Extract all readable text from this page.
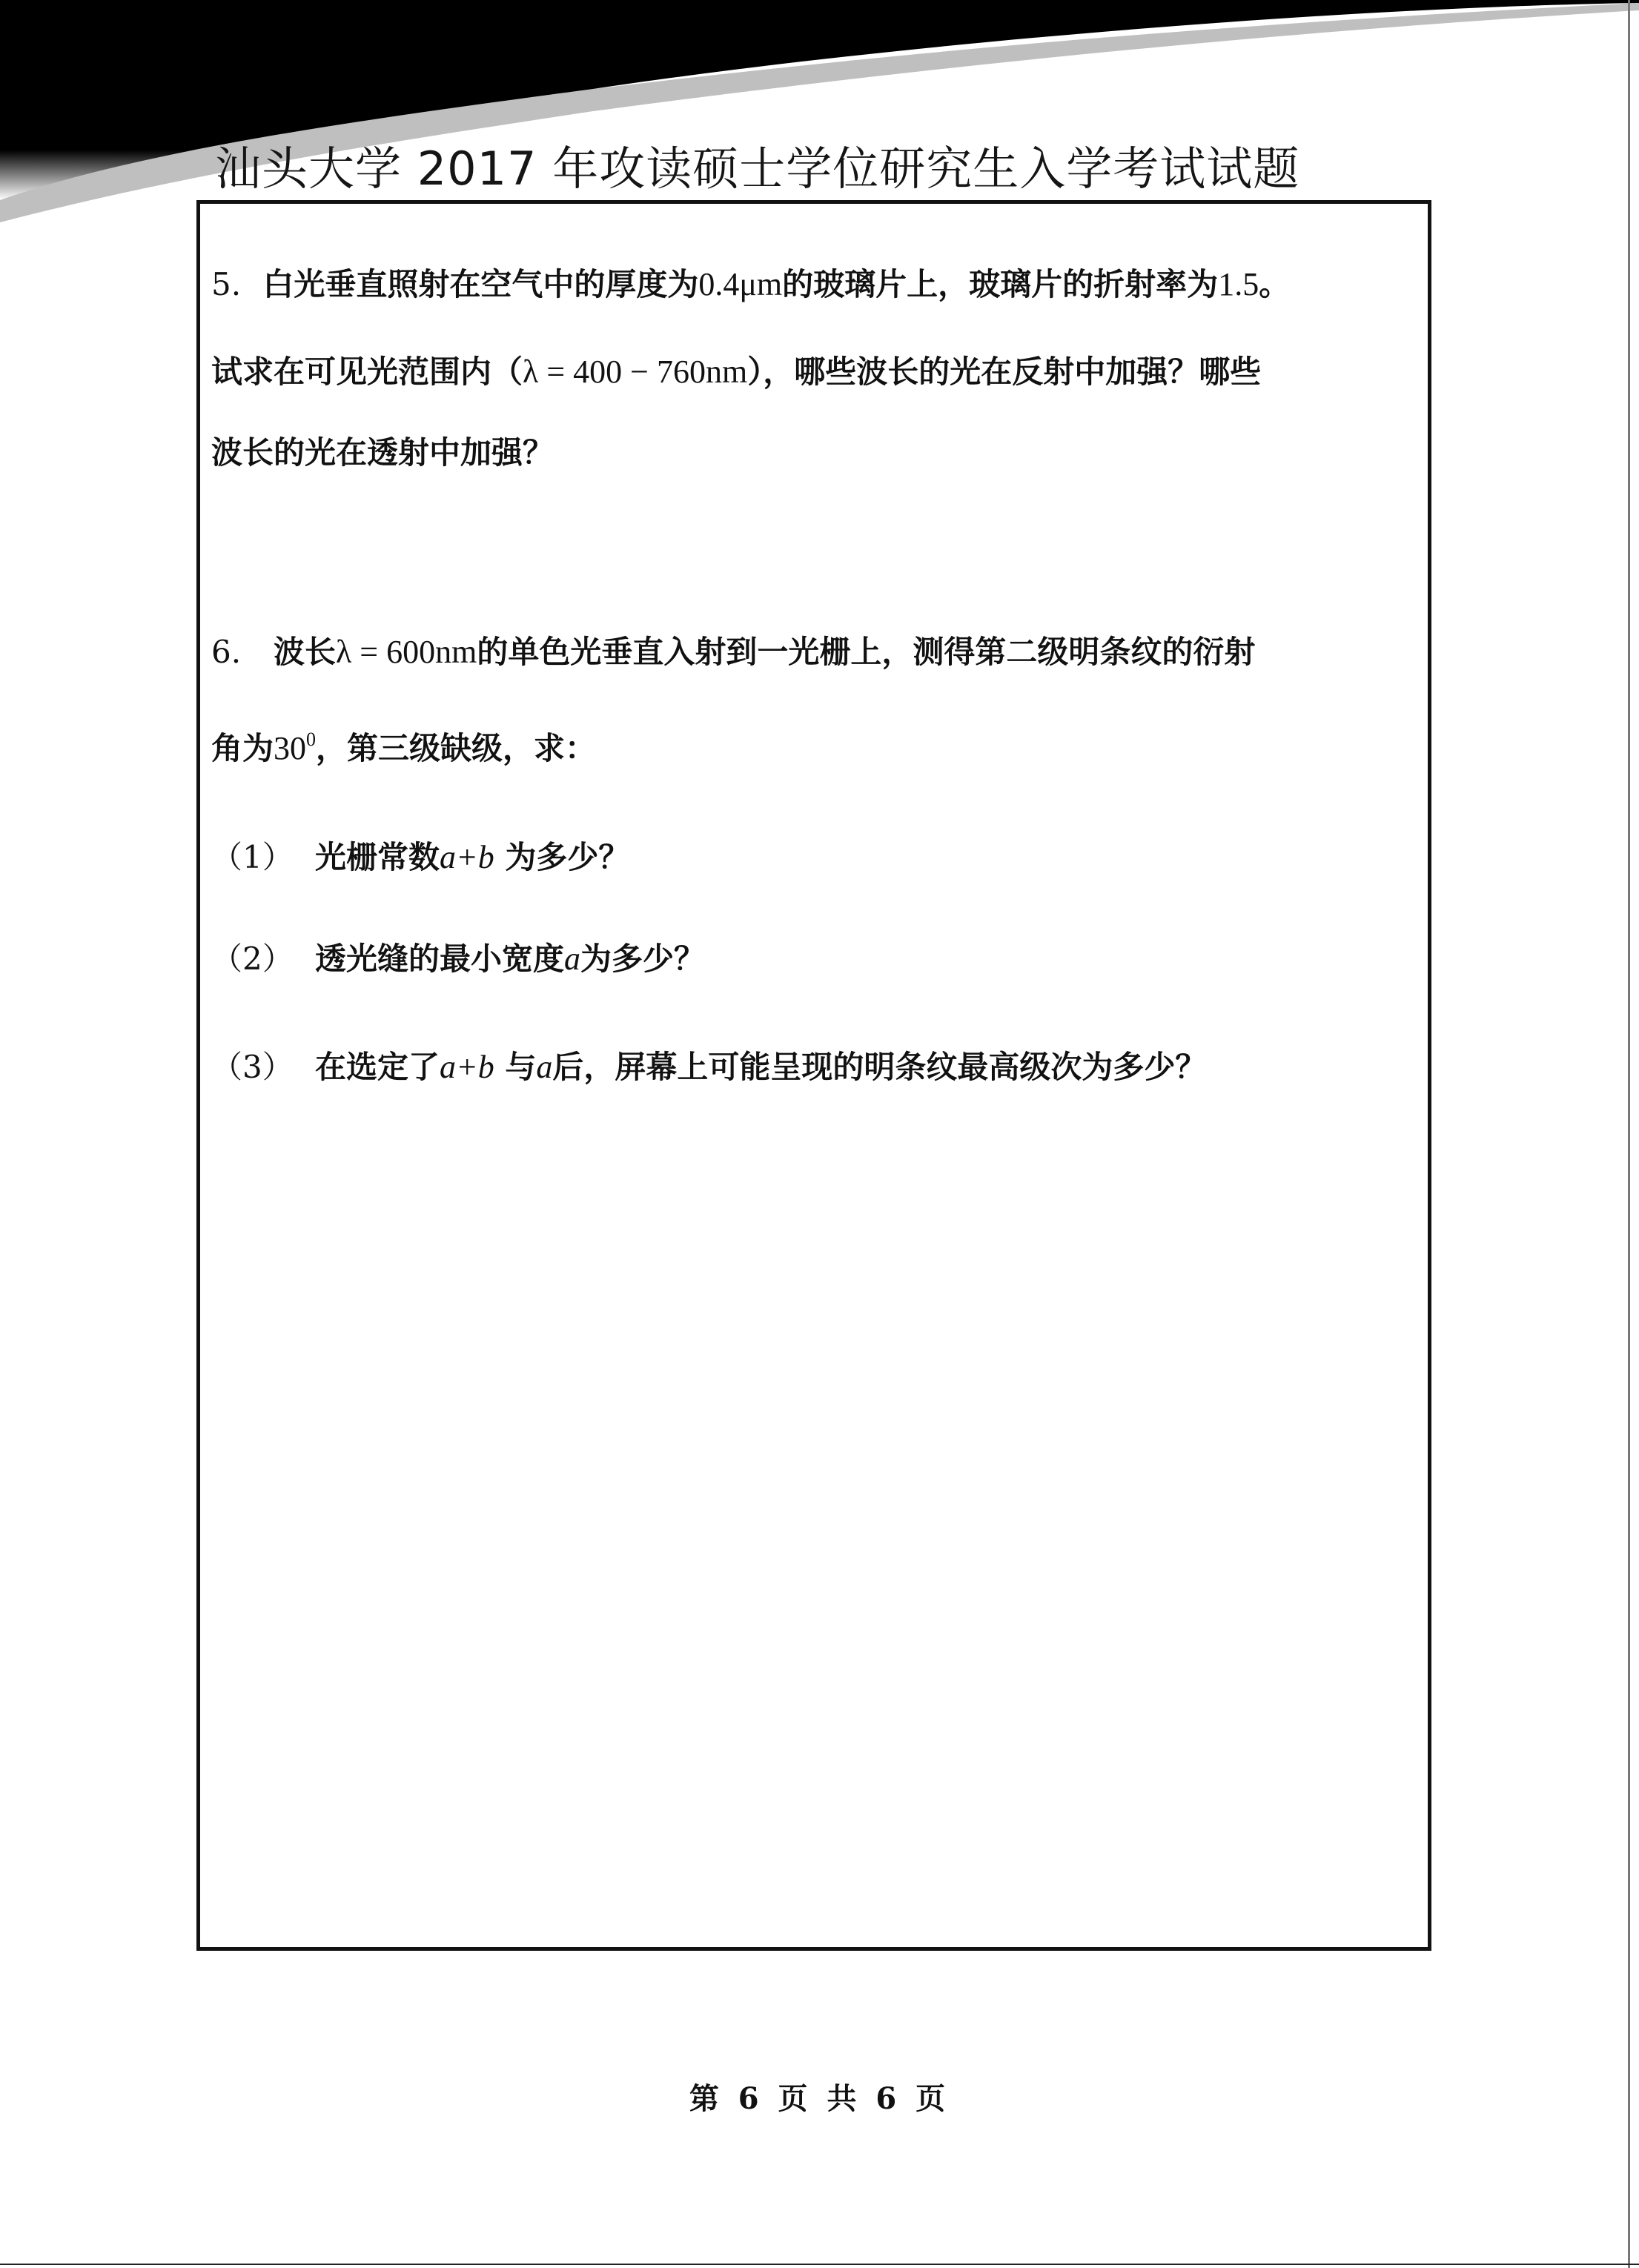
汕头大学 2017 年攻读硕士学位研究生入学考试试题
5. 白光垂直照射在空气中的厚度为0.4μm的玻璃片上，玻璃片的折射率为1.5。
试求在可见光范围内（λ = 400 − 760nm），哪些波长的光在反射中加强？哪些
波长的光在透射中加强？
6. 波长λ = 600nm的单色光垂直入射到一光栅上，测得第二级明条纹的衍射
角为$30^0$，第三级缺级，求：
（1） 光栅常数a+b 为多少？
（2） 透光缝的最小宽度a为多少？
（3） 在选定了a+b 与a后，屏幕上可能呈现的明条纹最高级次为多少？
第 6 页 共 6 页
